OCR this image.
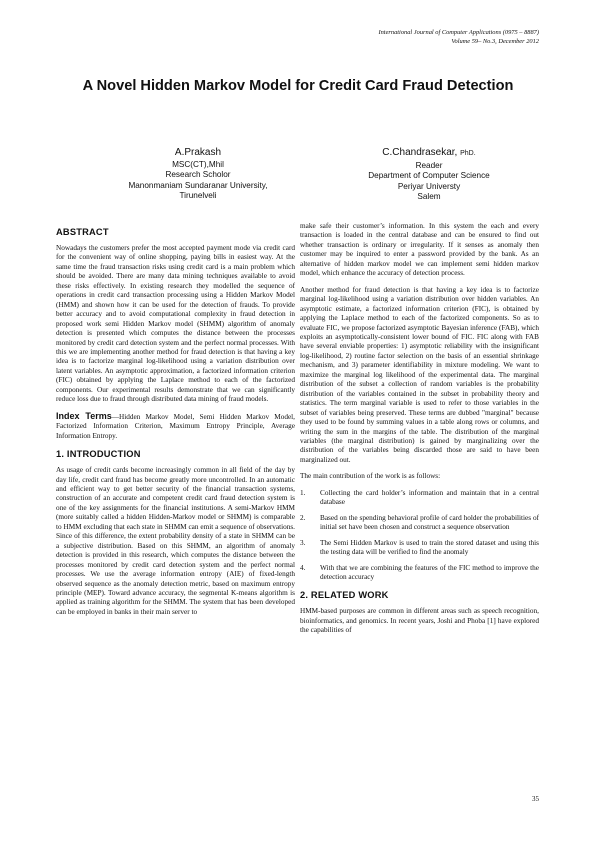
International Journal of Computer Applications (0975 – 8887)
Volume 59– No.3, December 2012
A Novel Hidden Markov Model for Credit Card Fraud Detection
A.Prakash
MSC(CT),Mhil
Research Scholor
Manonmaniam Sundaranar University,
Tirunelveli
C.Chandrasekar, PhD.
Reader
Department of Computer Science
Periyar Universty
Salem
ABSTRACT

Nowadays the customers prefer the most accepted payment mode via credit card for the convenient way of online shopping, paying bills in easiest way. At the same time the fraud transaction risks using credit card is a main problem which should be avoided. There are many data mining techniques available to avoid these risks effectively. In existing research they modelled the sequence of operations in credit card transaction processing using a Hidden Markov Model (HMM) and shown how it can be used for the detection of frauds. To provide better accuracy and to avoid computational complexity in fraud detection in proposed work semi Hidden Markov model (SHMM) algorithm of anomaly detection is presented which computes the distance between the processes monitored by credit card detection system and the perfect normal processes. With this we are implementing another method for fraud detection is that having a key idea is to factorize marginal log-likelihood using a variation distribution over latent variables. An asymptotic approximation, a factorized information criterion (FIC) obtained by applying the Laplace method to each of the factorized components. Our experimental results demonstrate that we can significantly reduce loss due to fraud through distributed data mining of fraud models.

Index Terms—Hidden Markov Model, Semi Hidden Markov Model, Factorized Information Criterion, Maximum Entropy Principle, Average Information Entropy.
1. INTRODUCTION

As usage of credit cards become increasingly common in all field of the day by day life, credit card fraud has become greatly more uncontrolled. In an automatic and efficient way to get better security of the financial transaction systems, construction of an accurate and competent credit card fraud detection system is one of the key assignments for the financial institutions. A semi-Markov HMM (more suitably called a hidden Hidden-Markov model or SHMM) is comparable to HMM excluding that each state in SHMM can emit a sequence of observations. Since of this difference, the extent probability density of a state in SHMM can be a subjective distribution. Based on this SHMM, an algorithm of anomaly detection is provided in this research, which computes the distance between the processes monitored by credit card detection system and the perfect normal processes. We use the average information entropy (AIE) of fixed-length observed sequence as the anomaly detection metric, based on maximum entropy principle (MEP). Toward advance accuracy, the segmental K-means algorithm is applied as training algorithm for the SHMM. The system that has been developed can be employed in banks in their main server to

make safe their customer’s information. In this system the each and every transaction is loaded in the central database and can be ensured to find out whether transaction is ordinary or irregularity. If it senses as anomaly then customer may be inquired to enter a password provided by the bank. As an alternative of hidden markov model we can implement semi hidden markov model, which enhance the accuracy of detection process.

Another method for fraud detection is that having a key idea is to factorize marginal log-likelihood using a variation distribution over hidden variables. An asymptotic estimate, a factorized information criterion (FIC), is obtained by applying the Laplace method to each of the factorized components. So as to evaluate FIC, we propose factorized asymptotic Bayesian inference (FAB), which exploits an asymptotically-consistent lower bound of FIC. FIC along with FAB have several enviable properties: 1) asymptotic reliability with the insignificant log-likelihood, 2) routine factor selection on the basis of an essential shrinkage mechanism, and 3) parameter identifiability in mixture modeling. We want to maximize the marginal log likelihood of the experimental data. The marginal distribution of the subset a collection of random variables is the probability distribution of the variables contained in the subset in probability theory and statistics. The term marginal variable is used to refer to those variables in the subset of variables being preserved. These terms are dubbed "marginal" because they used to be found by summing values in a table along rows or columns, and writing the sum in the margins of the table. The distribution of the marginal variables (the marginal distribution) is gained by marginalizing over the distribution of the variables being discarded those are said to have been marginalized out.

The main contribution of the work is as follows:

1. Collecting the card holder’s information and maintain that in a central database
2. Based on the spending behavioral profile of card holder the probabilities of initial set have been chosen and construct a sequence observation
3. The Semi Hidden Markov is used to train the stored dataset and using this the testing data will be verified to find the anomaly
4. With that we are combining the features of the FIC method to improve the detection accuracy
2. RELATED WORK

HMM-based purposes are common in different areas such as speech recognition, bioinformatics, and genomics. In recent years, Joshi and Phoba [1] have explored the capabilities of

35
